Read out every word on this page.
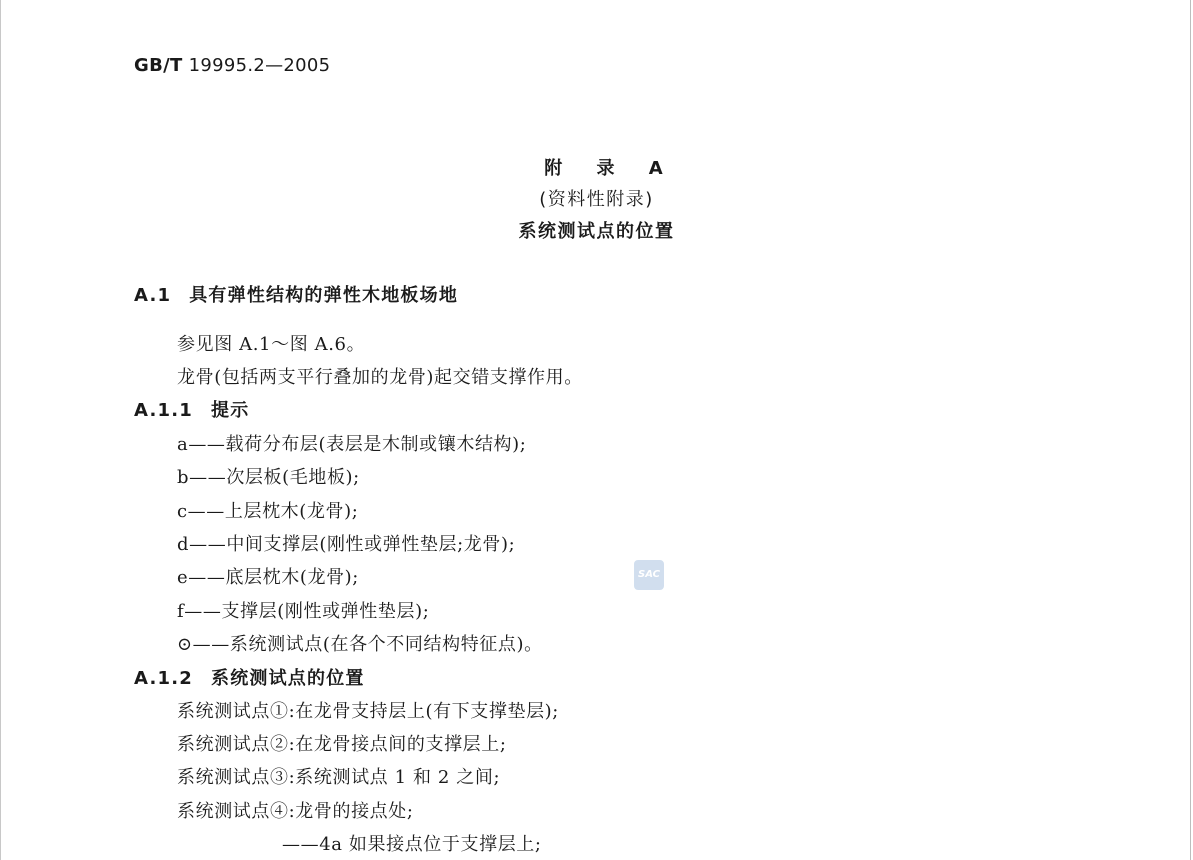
GB/T 19995.2—2005
附 录 A
(资料性附录)
系统测试点的位置
A.1 具有弹性结构的弹性木地板场地
参见图 A.1～图 A.6。
龙骨(包括两支平行叠加的龙骨)起交错支撑作用。
A.1.1 提示
a——载荷分布层(表层是木制或镶木结构);
b——次层板(毛地板);
c——上层枕木(龙骨);
d——中间支撑层(刚性或弹性垫层;龙骨);
e——底层枕木(龙骨);
f——支撑层(刚性或弹性垫层);
⊙——系统测试点(在各个不同结构特征点)。
A.1.2 系统测试点的位置
系统测试点①:在龙骨支持层上(有下支撑垫层);
系统测试点②:在龙骨接点间的支撑层上;
系统测试点③:系统测试点 1 和 2 之间;
系统测试点④:龙骨的接点处;
——4a 如果接点位于支撑层上;
SAC
